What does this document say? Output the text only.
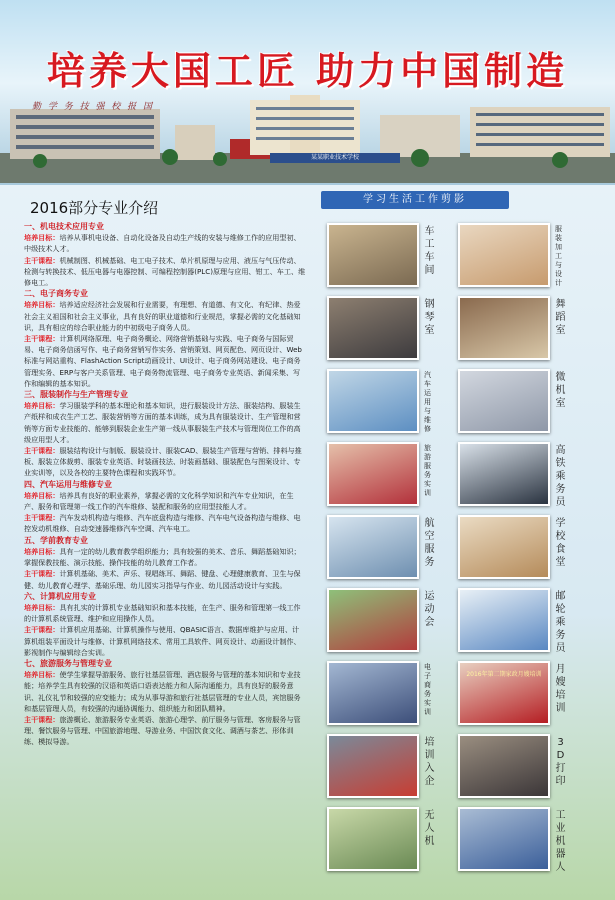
培养大国工匠 助力中国制造
勤 学 务 技 强 校 报 国
某某职业技术学校
2016部分专业介绍

一、机电技术应用专业

培养目标：培养从事机电设备、自动化设备及自动生产线的安装与维修工作的应用型初、中级技术人才。

主干课程：机械制图、机械基础、电工电子技术、单片机原理与应用、液压与气压传动、检测与转换技术、低压电器与电器控制、可编程控制器(PLC)原理与应用、钳工、车工、维修电工。

二、电子商务专业

培养目标：培养适应经济社会发展和行业需要，有理想、有道德、有文化、有纪律、热爱社会主义祖国和社会主义事业，具有良好的职业道德和行业规范，掌握必需的文化基础知识，具有相应的综合职业能力的中初级电子商务人员。

主干课程：计算机网络原理、电子商务概论、网络营销基础与实践、电子商务与国际贸易、电子商务信函写作、电子商务营销写作实务、营销策划、网页配色、网页设计、Web标准与网站重构、FlashAction Script动画设计、UI设计、电子商务网站建设、电子商务管理实务、ERP与客户关系管理、电子商务物流管理、电子商务专业英语、新闻采集、写作和编辑的基本知识。

三、服装制作与生产管理专业

培养目标：学习服装学科的基本理论和基本知识，进行服装设计方法、服装结构、服装生产纸样和成衣生产工艺、服装营销等方面的基本训练，成为具有服装设计、生产管理和营销等方面专业技能的、能够到服装企业生产第一线从事服装生产技术与管理岗位工作的高级应用型人才。

主干课程：服装结构设计与制版、服装设计、服装CAD、服装生产管理与营销、排料与推板、服装立体裁剪、服装专业英语、时装画技法、时装画基础、服装配色与图案设计、专业实训等，以及各校的主要特色课程和实践环节。

四、汽车运用与维修专业

培养目标：培养具有良好的职业素养，掌握必需的文化科学知识和汽车专业知识，在生产、服务和管理第一线工作的汽车维修、装配和服务的应用型技能人才。

主干课程：汽车发动机构造与维修、汽车底盘构造与维修、汽车电气设备构造与维修、电控发动机维修、自动变速器维修汽车空调、汽车电工。

五、学前教育专业

培养目标：具有一定的幼儿教育教学组织能力；具有较强的美术、音乐、舞蹈基础知识；掌握保教技能、演示技能、操作技能的幼儿教育工作者。

主干课程：计算机基础、美术、声乐、视唱练耳、舞蹈、键盘、心理健康教育、卫生与保健、幼儿教育心理学、基础乐理、幼儿园实习指导与作业、幼儿园活动设计与实践。

六、计算机应用专业

培养目标：具有扎实的计算机专业基础知识和基本技能，在生产、服务和管理第一线工作的计算机系统管理、维护和应用操作人员。

主干课程：计算机应用基础、计算机操作与使用、QBASIC语言、数据库维护与应用、计算机组装平面设计与维修、计算机网络技术、常用工具软件、网页设计、动画设计制作、影视制作与编辑综合实训。

七、旅游服务与管理专业

培养目标：使学生掌握导游服务、旅行社基层管理、酒店服务与管理的基本知识和专业技能；培养学生具有较强的汉语和英语口语表达能力和人际沟通能力，具有良好的服务意识、礼仪礼节和较强的应变能力；成为从事导游和旅行社基层管理的专业人员，宾馆服务和基层管理人员，有较强的沟通协调能力、组织能力和团队精神。

主干课程：旅游概论、旅游服务专业英语、旅游心理学、前厅服务与管理、客房服务与管理、餐饮服务与管理、中国旅游地理、导游业务、中国饮食文化、调酒与茶艺、形体训练、模拟导游。

学习生活工作剪影
车工车间
服装加工与设计
钢琴室
舞蹈室
汽车运用与维修
微机室
旅游服务实训
高铁乘务员
航空服务
学校食堂
运动会
邮轮乘务员
电子商务实训
2016年第二期家政月嫂培训	月嫂培训
培训入企
3D打印
无人机
工业机器人
